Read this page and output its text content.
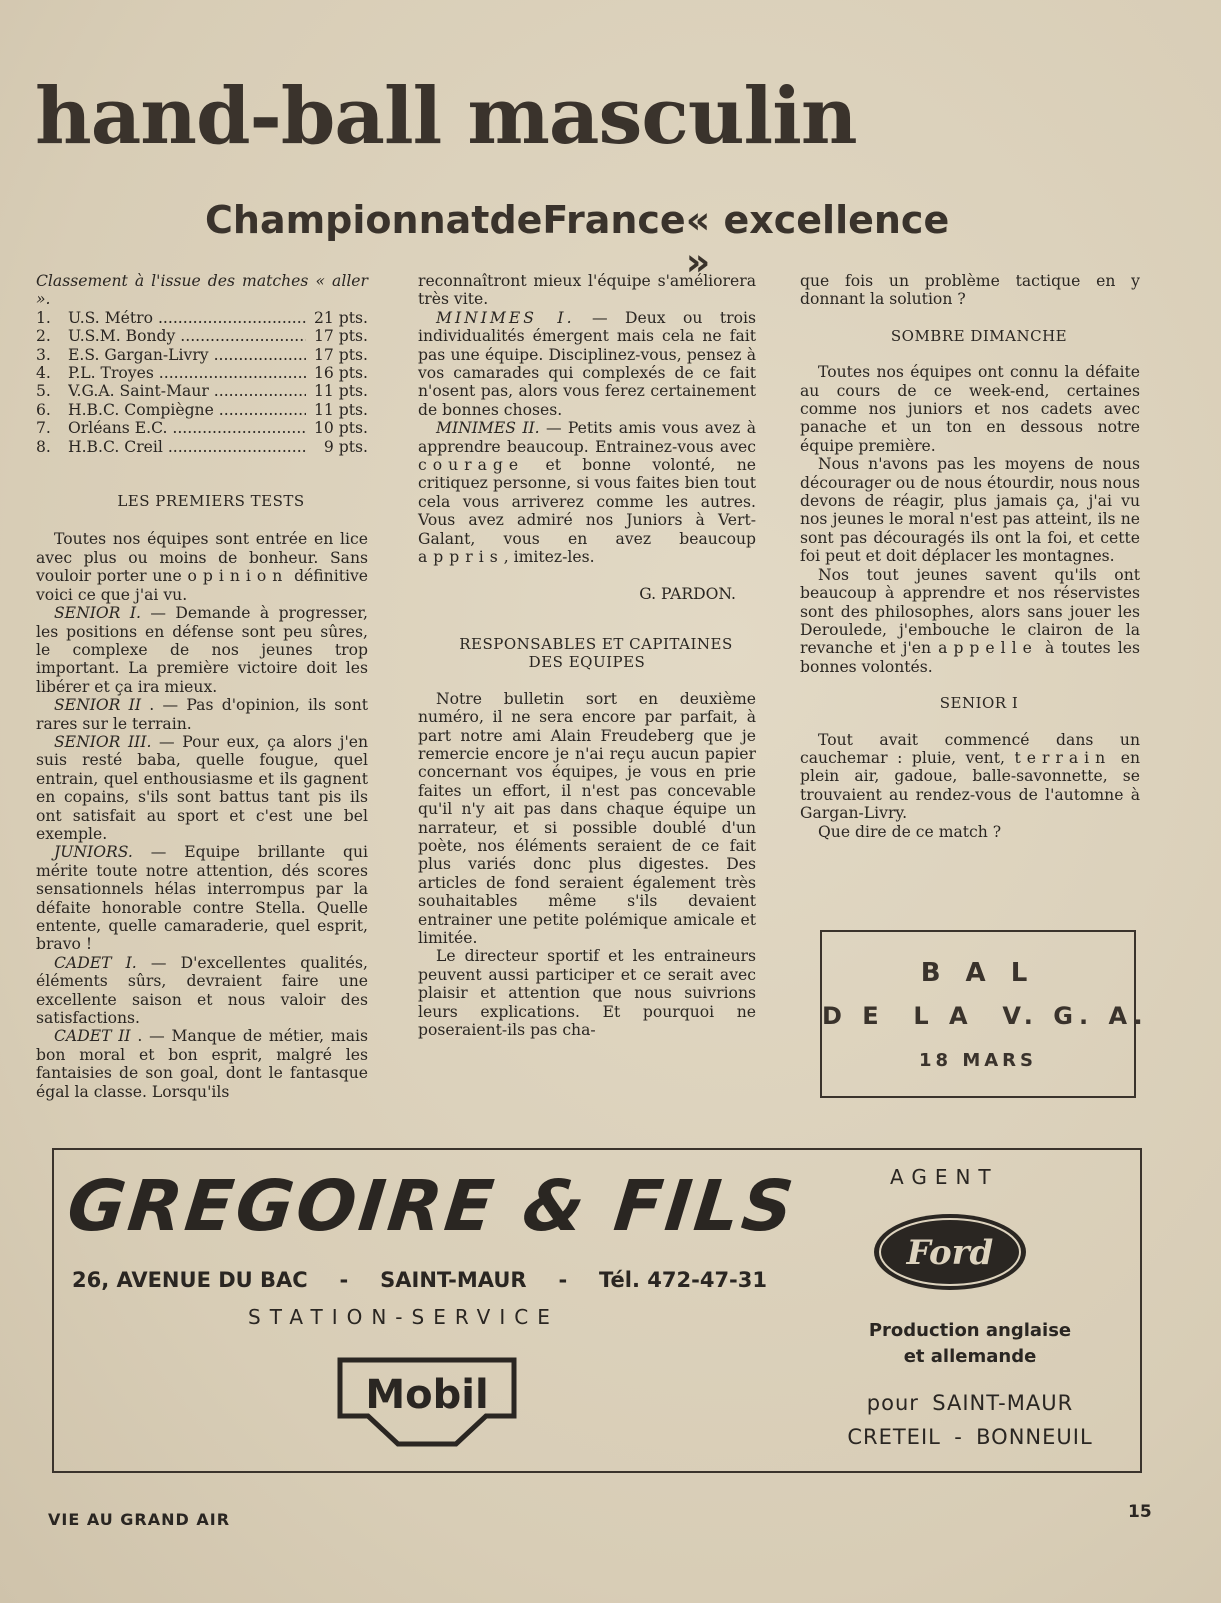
hand-ball masculin
Championnat de France « excellence »

Classement à l'issue des matches « aller ».

1.	U.S. Métro .....	21 pts.
2.	U.S.M. Bondy .....	17 pts.
3.	E.S. Gargan-Livry .....	17 pts.
4.	P.L. Troyes .....	16 pts.
5.	V.G.A. Saint-Maur .....	11 pts.
6.	H.B.C. Compiègne .....	11 pts.
7.	Orléans E.C. .....	10 pts.
8.	H.B.C. Creil .....	9 pts.

LES PREMIERS TESTS

Toutes nos équipes sont entrée en lice avec plus ou moins de bonheur. Sans vouloir porter une opinion définitive voici ce que j'ai vu.

SENIOR I. — Demande à progresser, les positions en défense sont peu sûres, le complexe de nos jeunes trop important. La première victoire doit les libérer et ça ira mieux.

SENIOR II . — Pas d'opinion, ils sont rares sur le terrain.

SENIOR III. — Pour eux, ça alors j'en suis resté baba, quelle fougue, quel entrain, quel enthousiasme et ils gagnent en copains, s'ils sont battus tant pis ils ont satisfait au sport et c'est une bel exemple.

JUNIORS. — Equipe brillante qui mérite toute notre attention, dés scores sensationnels hélas interrompus par la défaite honorable contre Stella. Quelle entente, quelle camaraderie, quel esprit, bravo !

CADET I. — D'excellentes qualités, éléments sûrs, devraient faire une excellente saison et nous valoir des satisfactions.

CADET II . — Manque de métier, mais bon moral et bon esprit, malgré les fantaisies de son goal, dont le fantasque égal la classe. Lorsqu'ils

reconnaîtront mieux l'équipe s'améliorera très vite.

MINIMES I. — Deux ou trois individualités émergent mais cela ne fait pas une équipe. Disciplinez-vous, pensez à vos camarades qui complexés de ce fait n'osent pas, alors vous ferez certainement de bonnes choses.

MINIMES II. — Petits amis vous avez à apprendre beaucoup. Entrainez-vous avec courage et bonne volonté, ne critiquez personne, si vous faites bien tout cela vous arriverez comme les autres. Vous avez admiré nos Juniors à Vert-Galant, vous en avez beaucoup appris, imitez-les.

G. PARDON.

RESPONSABLES ET CAPITAINES DES EQUIPES

Notre bulletin sort en deuxième numéro, il ne sera encore par parfait, à part notre ami Alain Freudeberg que je remercie encore je n'ai reçu aucun papier concernant vos équipes, je vous en prie faites un effort, il n'est pas concevable qu'il n'y ait pas dans chaque équipe un narrateur, et si possible doublé d'un poète, nos éléments seraient de ce fait plus variés donc plus digestes. Des articles de fond seraient également très souhaitables même s'ils devaient entrainer une petite polémique amicale et limitée.

Le directeur sportif et les entraineurs peuvent aussi participer et ce serait avec plaisir et attention que nous suivrions leurs explications. Et pourquoi ne poseraient-ils pas cha-

que fois un problème tactique en y donnant la solution ?

SOMBRE DIMANCHE

Toutes nos équipes ont connu la défaite au cours de ce week-end, certaines comme nos juniors et nos cadets avec panache et un ton en dessous notre équipe première.

Nous n'avons pas les moyens de nous décourager ou de nous étourdir, nous nous devons de réagir, plus jamais ça, j'ai vu nos jeunes le moral n'est pas atteint, ils ne sont pas découragés ils ont la foi, et cette foi peut et doit déplacer les montagnes.

Nos tout jeunes savent qu'ils ont beaucoup à apprendre et nos réservistes sont des philosophes, alors sans jouer les Deroulede, j'embouche le clairon de la revanche et j'en appelle à toutes les bonnes volontés.

SENIOR I

Tout avait commencé dans un cauchemar : pluie, vent, terrain en plein air, gadoue, balle-savonnette, se trouvaient au rendez-vous de l'automne à Gargan-Livry.

Que dire de ce match ?

B A L
D E  L A  V. G. A.
18 MARS
GREGOIRE & FILS
26, AVENUE DU BAC - SAINT-MAUR - Tél. 472-47-31
STATION-SERVICE
Mobil
AGENT
Ford
Production anglaise
et allemande
pour SAINT-MAUR
CRETEIL - BONNEUIL
VIE AU GRAND AIR	15
